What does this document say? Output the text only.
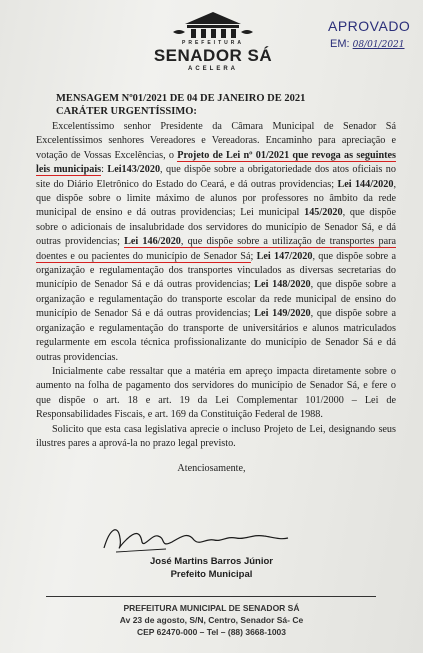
PREFEITURA
SENADOR SÁ
ACELERA
APROVADO
EM: 08/01/2021
MENSAGEM Nº01/2021 DE 04 DE JANEIRO DE 2021
CARÁTER URGENTÍSSIMO:

Excelentíssimo senhor Presidente da Câmara Municipal de Senador Sá Excelentíssimos senhores Vereadores e Vereadoras. Encaminho para apreciação e votação de Vossas Excelências, o Projeto de Lei nº 01/2021 que revoga as seguintes leis municipais: Lei143/2020, que dispõe sobre a obrigatoriedade dos atos oficiais no site do Diário Eletrônico do Estado do Ceará, e dá outras providencias; Lei 144/2020, que dispõe sobre o limite máximo de alunos por professores no âmbito da rede municipal de ensino e dá outras providencias; Lei municipal 145/2020, que dispõe sobre o adicionais de insalubridade dos servidores do município de Senador Sá, e dá outras providencias; Lei 146/2020, que dispõe sobre a utilização de transportes para doentes e ou pacientes do município de Senador Sá; Lei 147/2020, que dispõe sobre a organização e regulamentação dos transportes vinculados as diversas secretarias do município de Senador Sá e dá outras providencias; Lei 148/2020, que dispõe sobre a organização e regulamentação do transporte escolar da rede municipal de ensino do município de Senador Sá e dá outras providencias; Lei 149/2020, que dispõe sobre a organização e regulamentação do transporte de universitários e alunos matriculados regularmente em escola técnica profissionalizante do município de Senador Sá e dá outras providencias.

Inicialmente cabe ressaltar que a matéria em apreço impacta diretamente sobre o aumento na folha de pagamento dos servidores do município de Senador Sá, e fere o que dispõe o art. 18 e art. 19 da Lei Complementar 101/2000 – Lei de Responsabilidades Fiscais, e art. 169 da Constituição Federal de 1988.

Solicito que esta casa legislativa aprecie o incluso Projeto de Lei, designando seus ilustres pares a aprová-la no prazo legal previsto.

Atenciosamente,
José Martins Barros Júnior
Prefeito Municipal
PREFEITURA MUNICIPAL DE SENADOR SÁ
Av 23 de agosto, S/N, Centro, Senador Sá- Ce
CEP 62470-000 – Tel – (88) 3668-1003
